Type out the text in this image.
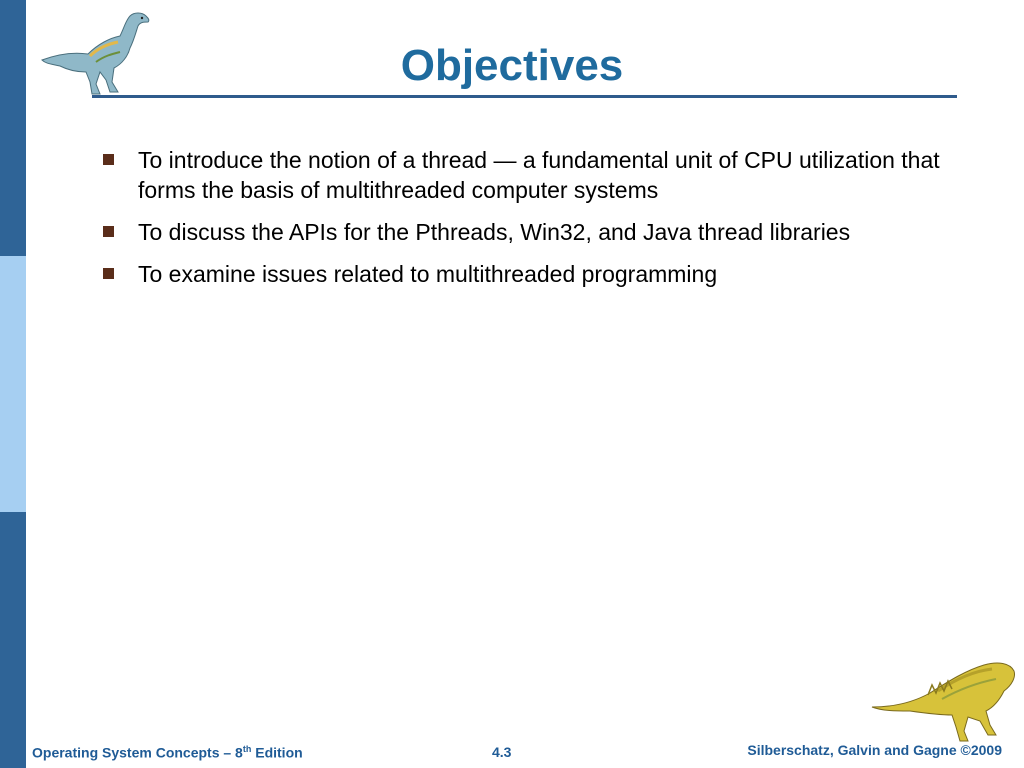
Objectives
To introduce the notion of a thread — a fundamental unit of CPU utilization that forms the basis of multithreaded computer systems
To discuss the APIs for the Pthreads, Win32, and Java thread libraries
To examine issues related to multithreaded programming
Operating System Concepts – 8th Edition	4.3	Silberschatz, Galvin and Gagne ©2009
